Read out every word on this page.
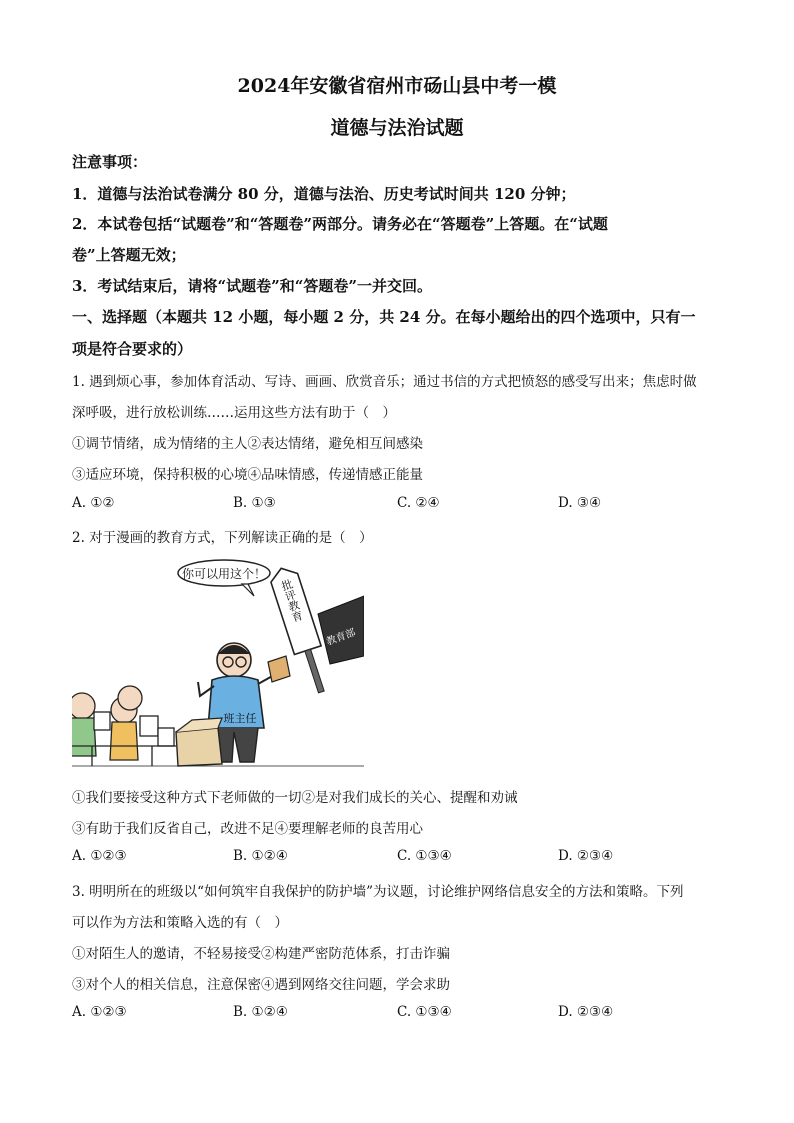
2024年安徽省宿州市砀山县中考一模
道德与法治试题
注意事项：
1．道德与法治试卷满分 80 分，道德与法治、历史考试时间共 120 分钟；
2．本试卷包括“试题卷”和“答题卷”两部分。请务必在“答题卷”上答题。在“试题
卷”上答题无效；
3．考试结束后，请将“试题卷”和“答题卷”一并交回。
一、选择题（本题共 12 小题，每小题 2 分，共 24 分。在每小题给出的四个选项中，只有一
项是符合要求的）
1. 遇到烦心事，参加体育活动、写诗、画画、欣赏音乐；通过书信的方式把愤怒的感受写出来；焦虑时做
深呼吸，进行放松训练……运用这些方法有助于（　）
①调节情绪，成为情绪的主人②表达情绪，避免相互间感染
③适应环境，保持积极的心境④品味情感，传递情感正能量
A. ①②	B. ①③	C. ②④	D. ③④
2. 对于漫画的教育方式，下列解读正确的是（　）
你可以用这个！
批评教育
教育部
班主任
①我们要接受这种方式下老师做的一切②是对我们成长的关心、提醒和劝诫
③有助于我们反省自己，改进不足④要理解老师的良苦用心
A. ①②③	B. ①②④	C. ①③④	D. ②③④
3. 明明所在的班级以“如何筑牢自我保护的防护墙”为议题，讨论维护网络信息安全的方法和策略。下列
可以作为方法和策略入选的有（　）
①对陌生人的邀请，不轻易接受②构建严密防范体系，打击诈骗
③对个人的相关信息，注意保密④遇到网络交往问题，学会求助
A. ①②③	B. ①②④	C. ①③④	D. ②③④
